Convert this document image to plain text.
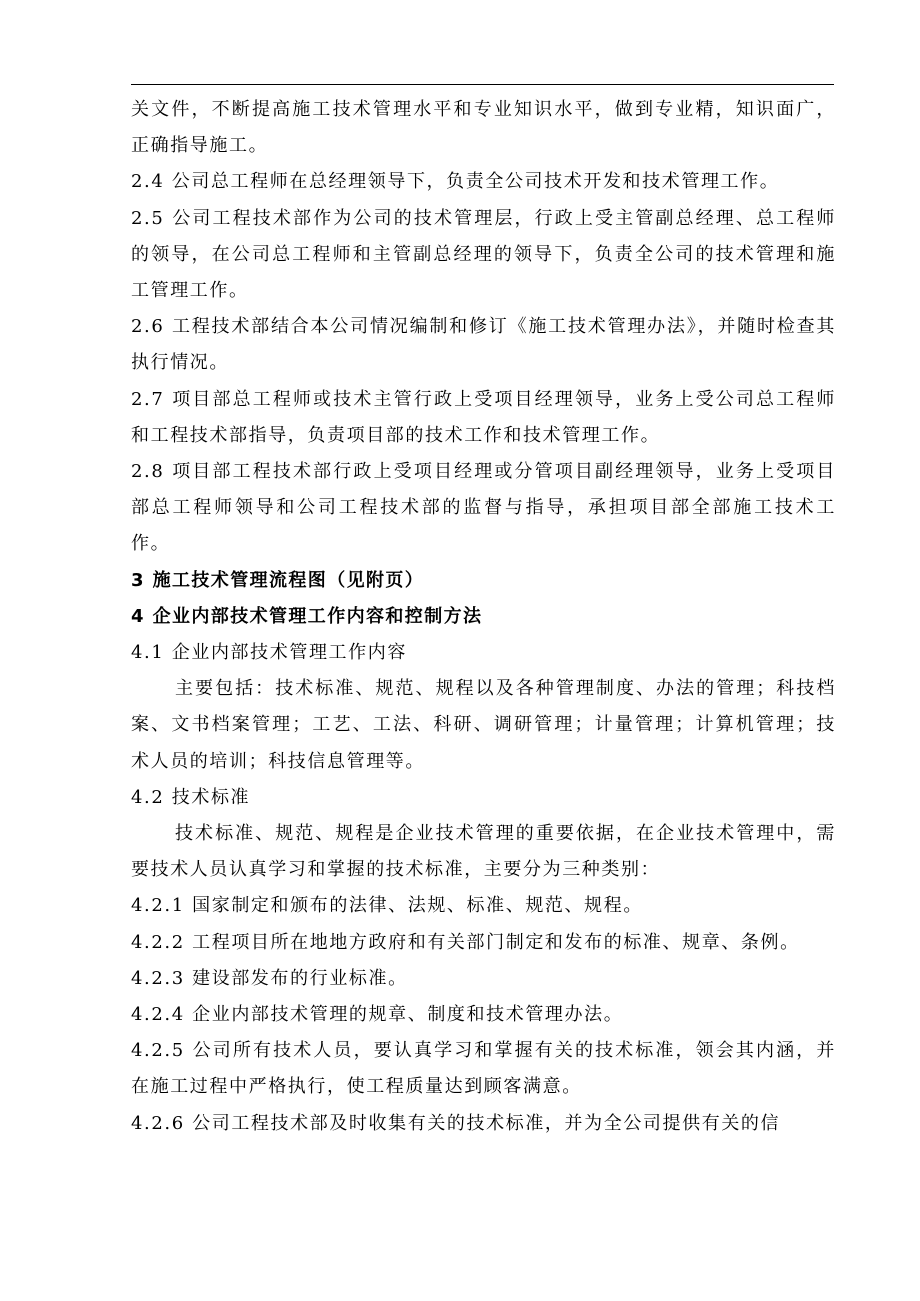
关文件，不断提高施工技术管理水平和专业知识水平，做到专业精，知识面广，正确指导施工。

2.4 公司总工程师在总经理领导下，负责全公司技术开发和技术管理工作。

2.5 公司工程技术部作为公司的技术管理层，行政上受主管副总经理、总工程师的领导，在公司总工程师和主管副总经理的领导下，负责全公司的技术管理和施工管理工作。

2.6 工程技术部结合本公司情况编制和修订《施工技术管理办法》，并随时检查其执行情况。

2.7 项目部总工程师或技术主管行政上受项目经理领导，业务上受公司总工程师和工程技术部指导，负责项目部的技术工作和技术管理工作。

2.8 项目部工程技术部行政上受项目经理或分管项目副经理领导，业务上受项目部总工程师领导和公司工程技术部的监督与指导，承担项目部全部施工技术工作。

3 施工技术管理流程图（见附页）

4 企业内部技术管理工作内容和控制方法

4.1 企业内部技术管理工作内容

主要包括：技术标准、规范、规程以及各种管理制度、办法的管理；科技档案、文书档案管理；工艺、工法、科研、调研管理；计量管理；计算机管理；技术人员的培训；科技信息管理等。

4.2 技术标准

技术标准、规范、规程是企业技术管理的重要依据，在企业技术管理中，需要技术人员认真学习和掌握的技术标准，主要分为三种类别：

4.2.1 国家制定和颁布的法律、法规、标准、规范、规程。

4.2.2 工程项目所在地地方政府和有关部门制定和发布的标准、规章、条例。

4.2.3 建设部发布的行业标准。

4.2.4 企业内部技术管理的规章、制度和技术管理办法。

4.2.5 公司所有技术人员，要认真学习和掌握有关的技术标准，领会其内涵，并在施工过程中严格执行，使工程质量达到顾客满意。

4.2.6 公司工程技术部及时收集有关的技术标准，并为全公司提供有关的信
